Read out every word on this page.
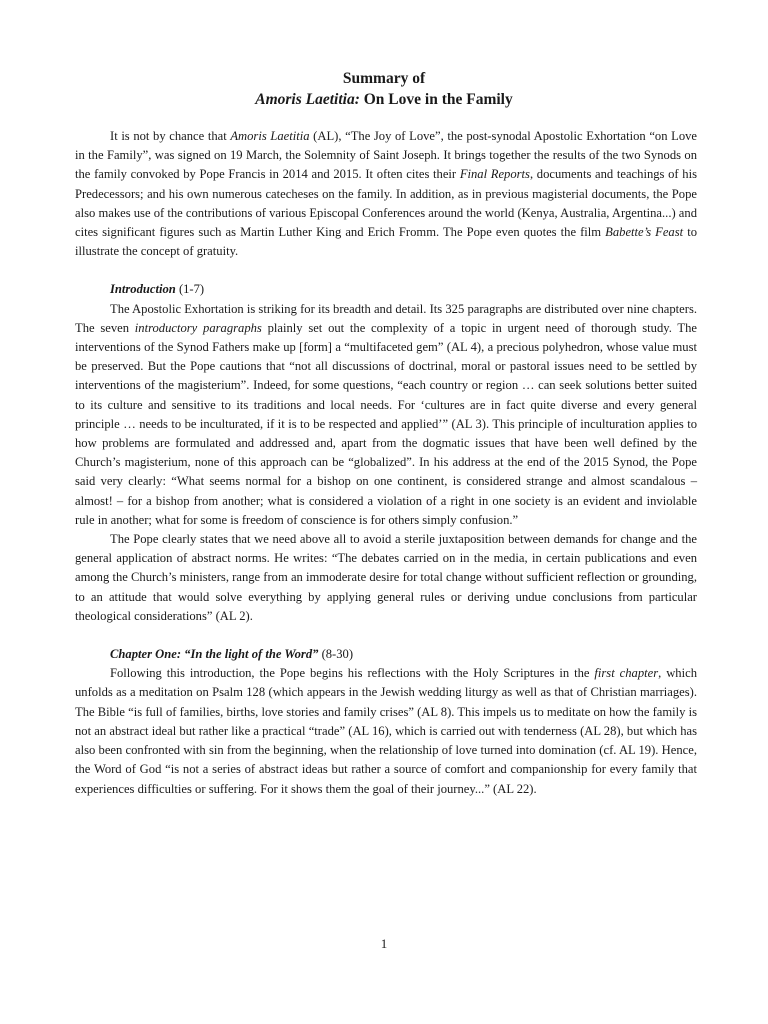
Summary of
Amoris Laetitia: On Love in the Family

It is not by chance that Amoris Laetitia (AL), “The Joy of Love”, the post-synodal Apostolic Exhortation “on Love in the Family”, was signed on 19 March, the Solemnity of Saint Joseph. It brings together the results of the two Synods on the family convoked by Pope Francis in 2014 and 2015. It often cites their Final Reports, documents and teachings of his Predecessors; and his own numerous catecheses on the family. In addition, as in previous magisterial documents, the Pope also makes use of the contributions of various Episcopal Conferences around the world (Kenya, Australia, Argentina...) and cites significant figures such as Martin Luther King and Erich Fromm. The Pope even quotes the film Babette’s Feast to illustrate the concept of gratuity.

Introduction (1-7)

The Apostolic Exhortation is striking for its breadth and detail. Its 325 paragraphs are distributed over nine chapters. The seven introductory paragraphs plainly set out the complexity of a topic in urgent need of thorough study. The interventions of the Synod Fathers make up [form] a “multifaceted gem” (AL 4), a precious polyhedron, whose value must be preserved. But the Pope cautions that “not all discussions of doctrinal, moral or pastoral issues need to be settled by interventions of the magisterium”. Indeed, for some questions, “each country or region … can seek solutions better suited to its culture and sensitive to its traditions and local needs. For ‘cultures are in fact quite diverse and every general principle … needs to be inculturated, if it is to be respected and applied’” (AL 3). This principle of inculturation applies to how problems are formulated and addressed and, apart from the dogmatic issues that have been well defined by the Church’s magisterium, none of this approach can be “globalized”. In his address at the end of the 2015 Synod, the Pope said very clearly: “What seems normal for a bishop on one continent, is considered strange and almost scandalous – almost! – for a bishop from another; what is considered a violation of a right in one society is an evident and inviolable rule in another; what for some is freedom of conscience is for others simply confusion.”

The Pope clearly states that we need above all to avoid a sterile juxtaposition between demands for change and the general application of abstract norms. He writes: “The debates carried on in the media, in certain publications and even among the Church’s ministers, range from an immoderate desire for total change without sufficient reflection or grounding, to an attitude that would solve everything by applying general rules or deriving undue conclusions from particular theological considerations” (AL 2).

Chapter One: “In the light of the Word” (8-30)

Following this introduction, the Pope begins his reflections with the Holy Scriptures in the first chapter, which unfolds as a meditation on Psalm 128 (which appears in the Jewish wedding liturgy as well as that of Christian marriages). The Bible “is full of families, births, love stories and family crises” (AL 8). This impels us to meditate on how the family is not an abstract ideal but rather like a practical “trade” (AL 16), which is carried out with tenderness (AL 28), but which has also been confronted with sin from the beginning, when the relationship of love turned into domination (cf. AL 19). Hence, the Word of God “is not a series of abstract ideas but rather a source of comfort and companionship for every family that experiences difficulties or suffering. For it shows them the goal of their journey...” (AL 22).

1
